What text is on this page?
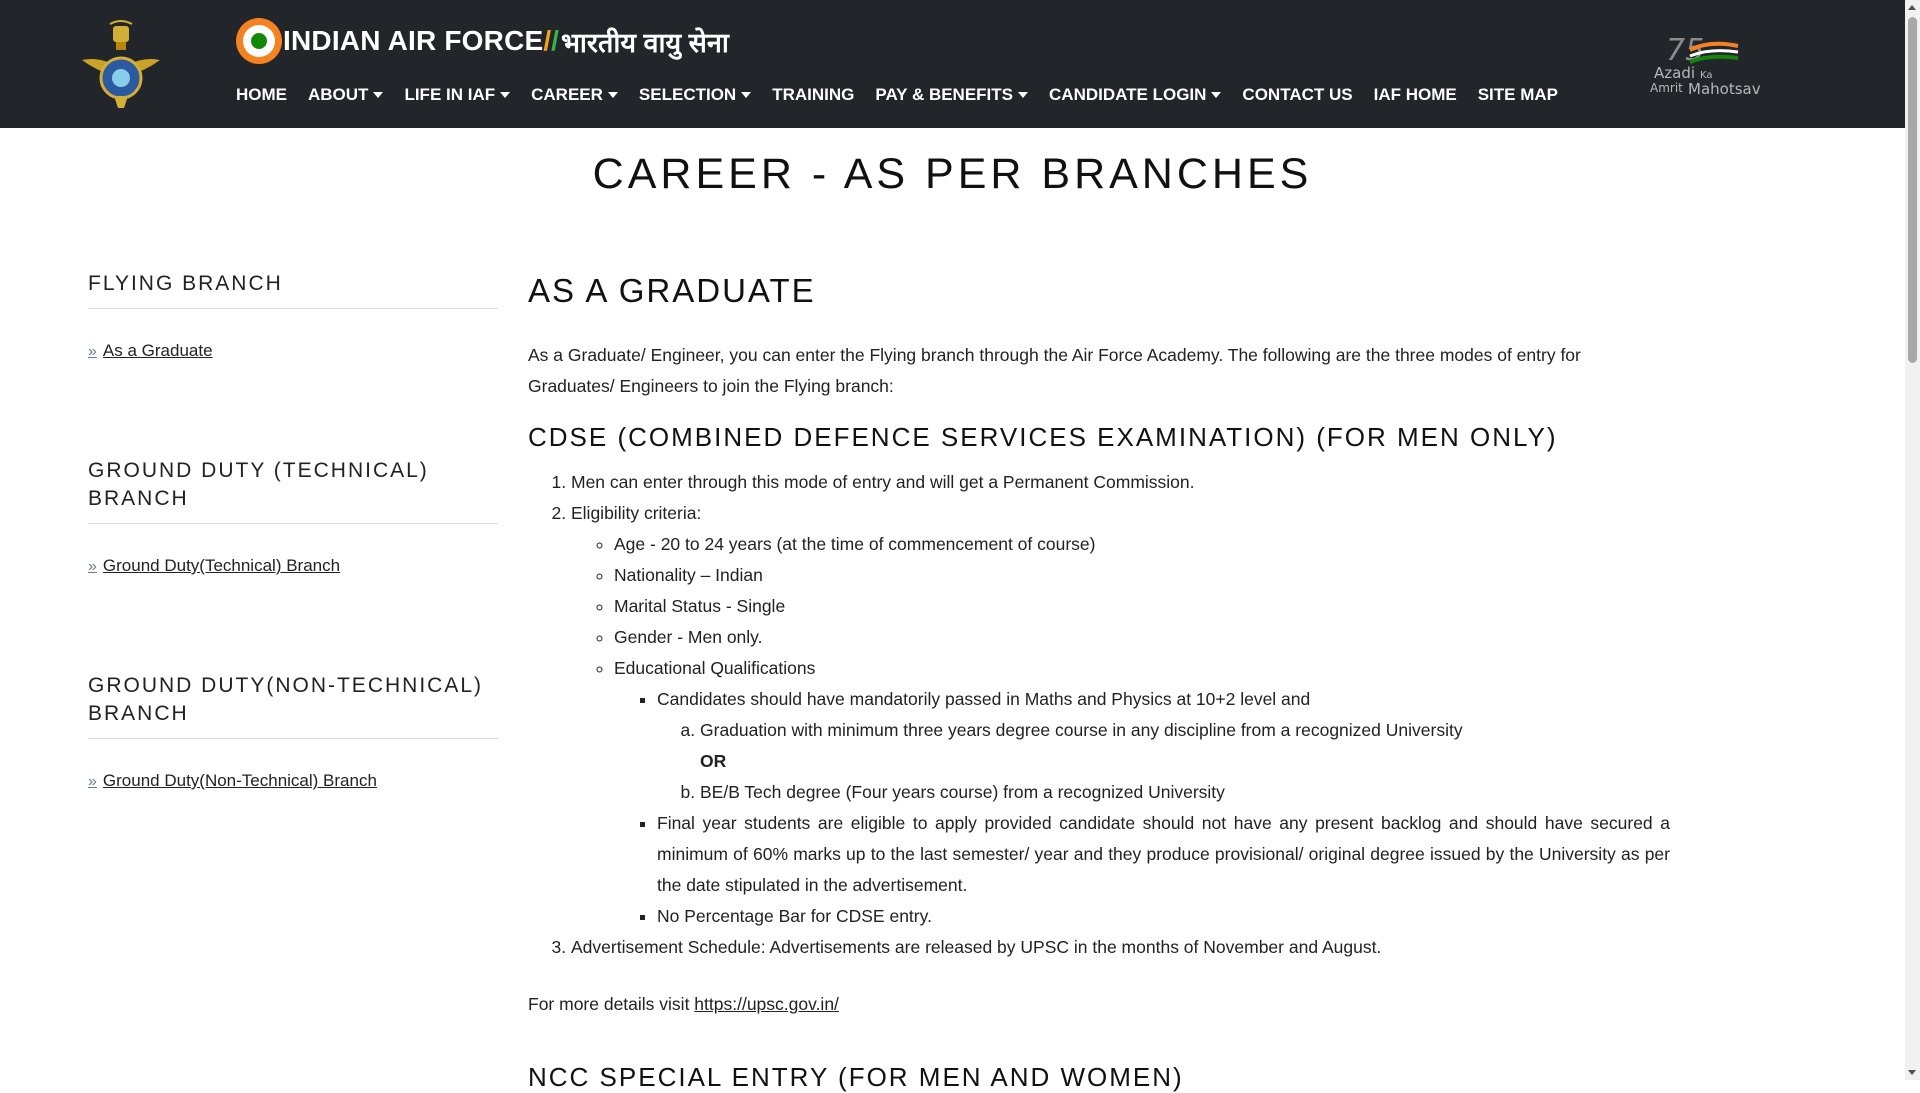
INDIAN AIR FORCE / / भारतीय वायु सेना
HOME ABOUT LIFE IN IAF CAREER SELECTION TRAINING PAY & BENEFITS CANDIDATE LOGIN CONTACT US IAF HOME SITE MAP
75
Azadi Ka
Amrit Mahotsav
CAREER - AS PER BRANCHES
FLYING BRANCH
» As a Graduate
GROUND DUTY (TECHNICAL) BRANCH
» Ground Duty(Technical) Branch
GROUND DUTY(NON-TECHNICAL) BRANCH
» Ground Duty(Non-Technical) Branch
AS A GRADUATE

As a Graduate/ Engineer, you can enter the Flying branch through the Air Force Academy. The following are the three modes of entry for Graduates/ Engineers to join the Flying branch:

CDSE (COMBINED DEFENCE SERVICES EXAMINATION) (FOR MEN ONLY)
1. Men can enter through this mode of entry and will get a Permanent Commission.
2. Eligibility criteria:
◦ Age - 20 to 24 years (at the time of commencement of course)
◦ Nationality – Indian
◦ Marital Status - Single
◦ Gender - Men only.
◦ Educational Qualifications
▪ Candidates should have mandatorily passed in Maths and Physics at 10+2 level and
a. Graduation with minimum three years degree course in any discipline from a recognized University
OR
b. BE/B Tech degree (Four years course) from a recognized University
▪ Final year students are eligible to apply provided candidate should not have any present backlog and should have secured a minimum of 60% marks up to the last semester/ year and they produce provisional/ original degree issued by the University as per the date stipulated in the advertisement.
▪ No Percentage Bar for CDSE entry.
3. Advertisement Schedule: Advertisements are released by UPSC in the months of November and August.

For more details visit https://upsc.gov.in/

NCC SPECIAL ENTRY (FOR MEN AND WOMEN)
